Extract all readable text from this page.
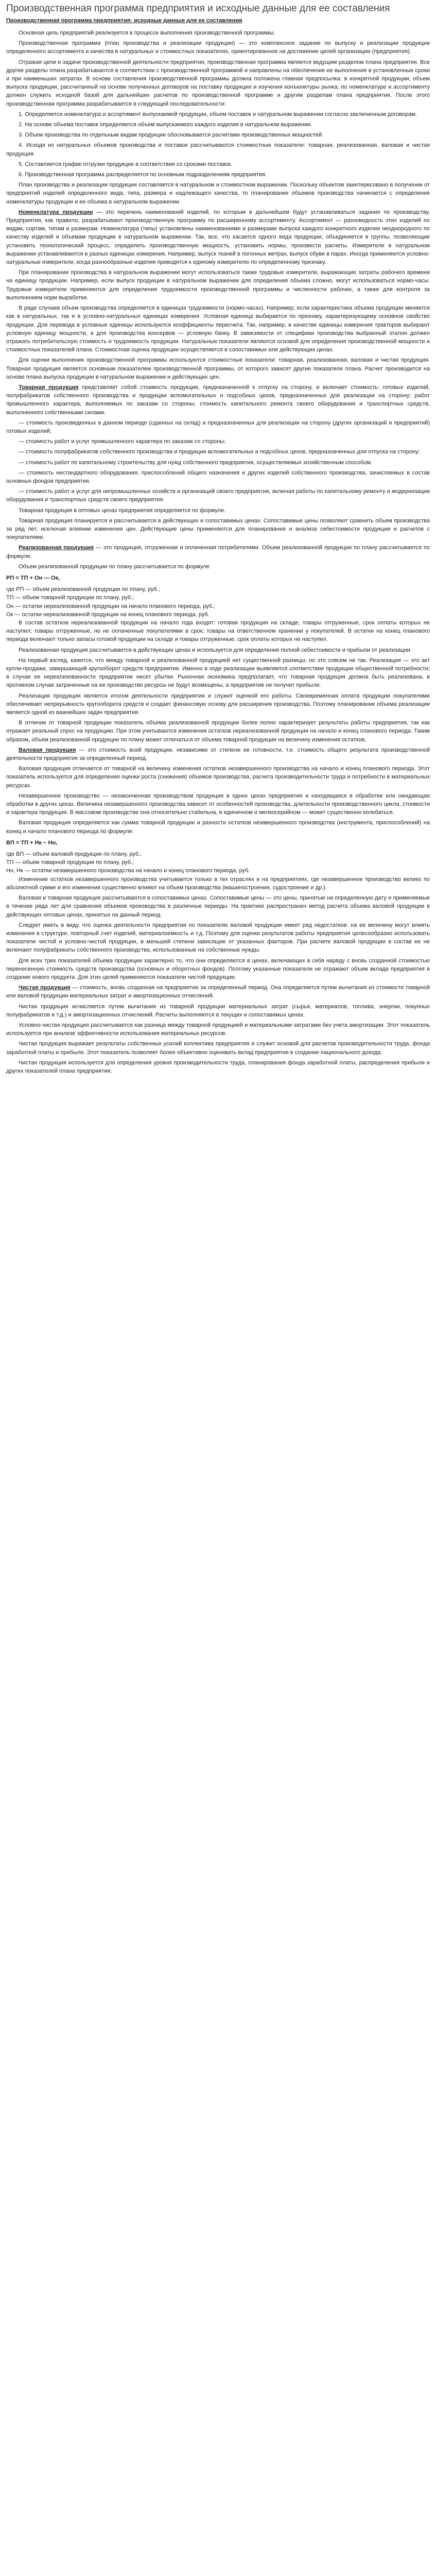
Производственная программа предприятия и исходные данные для ее составления
Производственная программа предприятия: исходные данные для ее составления

Основная цель предприятий реализуется в процессе выполнения производственной программы.

Производственная программа (план производства и реализации продукции) — это комплексное задание по выпуску и реализации продукции определенного ассортимента и качества в натуральных и стоимостных показателях, ориентированное на достижение целей организации (предприятия).

Отражая цели и задачи производственной деятельности предприятия, производственная программа является ведущим разделом плана предприятия. Все другие разделы плана разрабатываются в соответствии с производственной программой и направлены на обеспечение ее выполнения в установленные сроки и при наименьших затратах. В основе составления производственной программы должна положена главная предпосылка: в конкретной продукции, объем выпуска продукции, рассчитанный на основе полученных договоров на поставку продукции и изучения конъюнктуры рынка, по номенклатуре и ассортименту должен служить исходной базой для дальнейших расчетов по производственной программе и другим разделам плана предприятия. После этого производственная программа разрабатывается в следующей последовательности:

1. Определяется номенклатура и ассортимент выпускаемой продукции, объем поставок и натуральном выражении согласно заключенным договорам.

2. На основе объема поставок определяется объем выпускаемого каждого изделия в натуральном выражении.

3. Объем производства по отдельным видам продукции обосновывается расчетами производственных мощностей.

4. Исходя из натуральных объемов производства и поставок рассчитываются стоимостные показатели: товарная, реализованная, валовая и чистая продукция.

5. Составляется график отгрузки продукции в соответствии со сроками поставок.

6. Производственная программа распределяется по основным подразделениям предприятия.

План производства и реализации продукции составляется в натуральном и стоимостном выражении. Поскольку объектом заинтересовано в получении от предприятий изделий определенного вида, типа, размера и надлежащего качества, то планирование объемов производства начинается с определения номенклатуры продукции и ее объема в натуральном выражении.

Номенклатура продукции — это перечень наименований изделий, по которым в дальнейшем будут устанавливаться задания по производству. Предприятия, как правило, разрабатывают производственную программу по расширенному ассортименту. Ассортимент — разновидность этих изделий по видам, сортам, типам и размерам. Номенклатура (типы) установлены наименованиями и размерами выпуска каждого конкретного изделия неоднородного по качеству изделий и объемам продукции в натуральном выражении. Так, все, что касается одного вида продукции, объединяется в группы, позволяющие установить технологический процесс, определить производственную мощность, установить нормы, произвести расчеты. Измерители в натуральном выражении устанавливаются в разных единицах измерения. Например, выпуск тканей в погонных метрах, выпуск обуви в парах. Иногда применяются условно-натуральные измерители, когда разнообразные изделия приводятся к единому измерителю по определенному признаку.

При планировании производства в натуральном выражении могут использоваться также трудовые измерители, выражающие затраты рабочего времени на единицу продукции. Например, если выпуск продукции в натуральном выражении для определения объема сложно, могут использоваться нормо-часы. Трудовые измерители применяются для определения трудоемкости производственной программы и численности рабочих, а также для контроля за выполнением норм выработки.

В ряде случаев объем производства определяется в единицах трудоемкости (нормо-часах). Например, если характеристика объема продукции меняется как в натуральных, так и в условно-натуральных единицах измерения. Условная единица выбирается по признаку, характеризующему основное свойство продукции. Для перевода в условные единицы используются коэффициенты пересчета. Так, например, в качестве единицы измерения тракторов выбирают условную единицу мощности, а для производства консервов — условную банку. В зависимости от специфики производства выбранный эталон должен отражать потребительскую стоимость и трудоемкость продукции. Натуральные показатели являются основой для определения производственной мощности и стоимостных показателей плана. Стоимостная оценка продукции осуществляется в сопоставимых или действующих ценах.

Для оценки выполнения производственной программы используются стоимостные показатели: товарная, реализованная, валовая и чистая продукция. Товарная продукция является основным показателем производственной программы, от которого зависят другие показатели плана. Расчет производится на основе плана выпуска продукции в натуральном выражении и действующих цен.

Товарная продукция представляет собой стоимость продукции, предназначенной к отпуску на сторону, и включает стоимость: готовых изделий, полуфабрикатов собственного производства и продукции вспомогательных и подсобных цехов, предназначенных для реализации на сторону; работ промышленного характера, выполняемых по заказам со стороны; стоимость капитального ремонта своего оборудования и транспортных средств, выполненного собственными силами.

— стоимость произведенных в данном периоде (сданных на склад) и предназначенных для реализации на сторону (других организаций и предприятий) готовых изделий;

— стоимость работ и услуг промышленного характера по заказам со стороны;

— стоимость полуфабрикатов собственного производства и продукции вспомогательных и подсобных цехов, предназначенных для отпуска на сторону;

— стоимость работ по капитальному строительству для нужд собственного предприятия, осуществляемых хозяйственным способом.

— стоимость нестандартного оборудования, приспособлений общего назначения и других изделий собственного производства, зачисляемых в состав основных фондов предприятия.

— стоимость работ и услуг для непромышленных хозяйств и организаций своего предприятия, включая работы по капитальному ремонту и модернизации оборудования и транспортных средств своего предприятия.

Товарная продукция в оптовых ценах предприятия определяется по формуле.

Товарная продукция планируется и рассчитывается в действующих и сопоставимых ценах. Сопоставимые цены позволяют сравнить объем производства за ряд лет, исключая влияние изменения цен. Действующие цены применяются для планирования и анализа себестоимости продукции и расчетов с покупателями.

Реализованная продукция — это продукция, отгруженная и оплаченная потребителями. Объем реализованной продукции по плану рассчитывается по формуле:

Объем реализованной продукции по плану рассчитывается по формуле

РП = ТП + Он — Ок,

где РП — объем реализованной продукции по плану, руб.;

ТП — объем товарной продукции по плану, руб.;

Он — остатки нереализованной продукции на начало планового периода, руб.;

Ок — остатки нереализованной продукции на конец планового периода, руб.

В состав остатков нереализованной продукции на начало года входят: готовая продукция на складе; товары отгруженные, срок оплаты которых не наступил; товары отгруженные, но не оплаченные покупателями в срок; товары на ответственном хранении у покупателей. В остатки на конец планового периода включают только запасы готовой продукции на складе и товары отгруженные, срок оплаты которых не наступил.

Реализованная продукция рассчитывается в действующих ценах и используется для определения полной себестоимости и прибыли от реализации.

На первый взгляд, кажется, что между товарной и реализованной продукцией нет существенной разницы, но это совсем не так. Реализация — это акт купли-продажи, завершающий кругооборот средств предприятия. Именно в ходе реализации выявляется соответствие продукции общественной потребности; в случае ее нереализованности предприятие несет убытки. Рыночная экономика предполагает, что товарная продукция должна быть реализована, в противном случае затраченные на ее производство ресурсы не будут возмещены, а предприятие не получит прибыли.

Реализация продукции является итогом деятельности предприятия и служит оценкой его работы. Своевременная оплата продукции покупателями обеспечивает непрерывность кругооборота средств и создает финансовую основу для расширения производства. Поэтому планирование объема реализации является одной из важнейших задач предприятия.

В отличие от товарной продукции показатель объема реализованной продукции более полно характеризует результаты работы предприятия, так как отражает реальный спрос на продукцию. При этом учитываются изменения остатков нереализованной продукции на начало и конец планового периода. Таким образом, объем реализованной продукции по плану может отличаться от объема товарной продукции на величину изменения остатков.

Валовая продукция — это стоимость всей продукции, независимо от степени ее готовности, т.е. стоимость общего результата производственной деятельности предприятия за определенный период.

Валовая продукция отличается от товарной на величину изменения остатков незавершенного производства на начало и конец планового периода. Этот показатель используется для определения оценки роста (снижения) объемов производства, расчета производительности труда и потребности в материальных ресурсах.

Незавершенное производство — незаконченная производством продукция в одних цехах предприятия и находящаяся в обработке или ожидающая обработки в других цехах. Величина незавершенного производства зависит от особенностей производства, длительности производственного цикла, стоимости и характера продукции. В массовом производстве она относительно стабильна, в единичном и мелкосерийном — может существенно колебаться.

Валовая продукция определяется как сумма товарной продукции и разности остатков незавершенного производства (инструмента, приспособлений) на конец и начало планового периода по формуле:

ВП = ТП + Нк − Нн,

где ВП — объем валовой продукции по плану, руб.;

ТП — объем товарной продукции по плану, руб.;

Нн, Нк — остатки незавершенного производства на начало и конец планового периода, руб.

Изменение остатков незавершенного производства учитывается только в тех отраслях и на предприятиях, где незавершенное производство велико по абсолютной сумме и его изменения существенно влияют на объем производства (машиностроение, судостроение и др.).

Валовая и товарная продукция рассчитываются в сопоставимых ценах. Сопоставимые цены — это цены, принятые на определенную дату и применяемые в течение ряда лет для сравнения объемов производства в различные периоды. На практике распространен метод расчета объема валовой продукции в действующих оптовых ценах, принятых на данный период.

Следует иметь в виду, что оценка деятельности предприятия по показателю валовой продукции имеет ряд недостатков: на ее величину могут влиять изменения в структуре, повторный счет изделий, материалоемкость и т.д. Поэтому для оценки результатов работы предприятия целесообразно использовать показатели чистой и условно-чистой продукции, в меньшей степени зависящие от указанных факторов. При расчете валовой продукции в состав ее не включают полуфабрикаты собственного производства, использованные на собственные нужды.

Для всех трех показателей объема продукции характерно то, что они определяются в ценах, включающих в себя наряду с вновь созданной стоимостью перенесенную стоимость средств производства (основных и оборотных фондов). Поэтому указанные показатели не отражают объем вклада предприятия в создание нового продукта. Для этих целей применяются показатели чистой продукции.

Чистая продукция — стоимость, вновь созданная на предприятии за определенный период. Она определяется путем вычитания из стоимости товарной или валовой продукции материальных затрат и амортизационных отчислений.

Чистая продукция исчисляется путем вычитания из товарной продукции материальных затрат (сырья, материалов, топлива, энергии, покупных полуфабрикатов и т.д.) и амортизационных отчислений. Расчеты выполняются в текущих и сопоставимых ценах.

Условно-чистая продукция рассчитывается как разница между товарной продукцией и материальными затратами без учета амортизации. Этот показатель используется при анализе эффективности использования материальных ресурсов.

Чистая продукция выражает результаты собственных усилий коллектива предприятия и служит основой для расчетов производительности труда, фонда заработной платы и прибыли. Этот показатель позволяет более объективно оценивать вклад предприятия в создание национального дохода.

Чистая продукция используется для определения уровня производительности труда, планирования фонда заработной платы, распределения прибыли и других показателей плана предприятия.
